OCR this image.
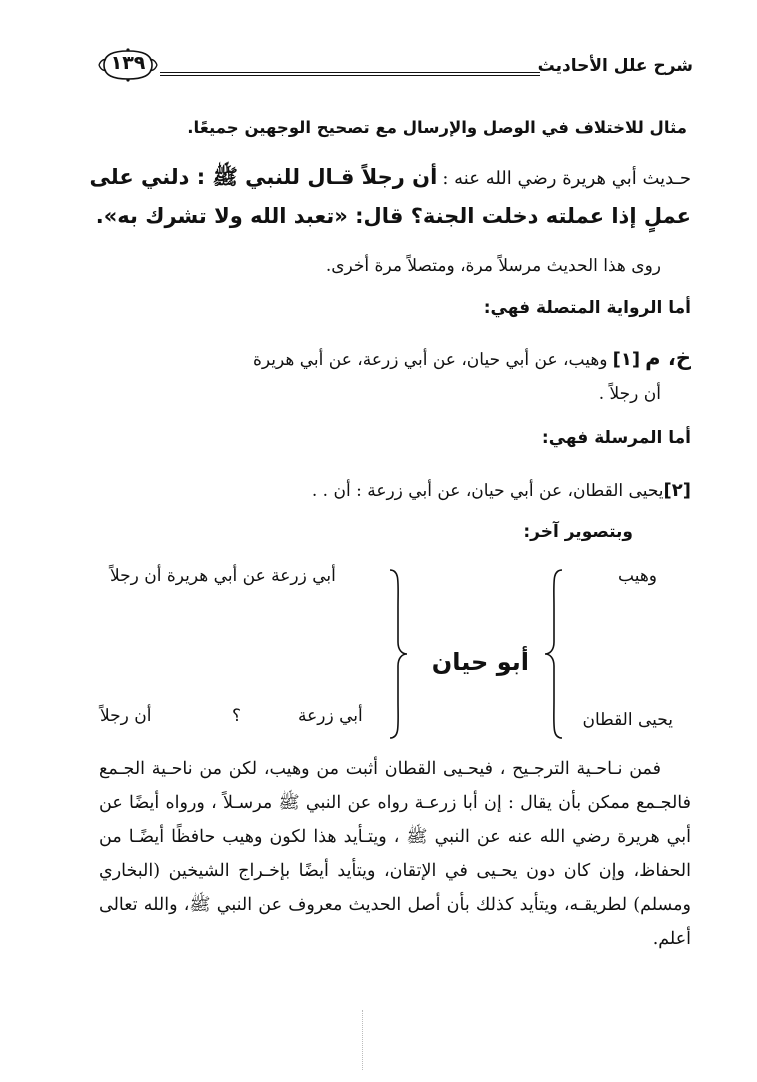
شرح علل الأحاديث
١٣٩
مثال للاختلاف في الوصل والإرسال مع تصحيح الوجهين جميعًا.
حـديث أبي هريرة رضي الله عنه : أن رجلاً قـال للنبي ﷺ : دلني على
عملٍ إذا عملته دخلت الجنة؟ قال: «تعبد الله ولا تشرك به».
روى هذا الحديث مرسلاً مرة، ومتصلاً مرة أخرى.
أما الرواية المتصلة فهي:
خ، م [١] وهيب، عن أبي حيان، عن أبي زرعة، عن أبي هريرة
أن رجلاً .
أما المرسلة فهي:
[٢]يحيى القطان، عن أبي حيان، عن أبي زرعة : أن . .
وبتصوير آخر:
وهيب
يحيى القطان
أبو حيان
أبي زرعة عن أبي هريرة أن رجلاً
أبي زرعة
؟
أن رجلاً
فمن نـاحـية الترجـيح ، فيحـيى القطان أثبت من وهيب، لكن من ناحـية الجـمع فالجـمع ممكن بأن يقال : إن أبا زرعـة رواه عن النبي ﷺ مرسـلاً ، ورواه أيضًا عن أبي هريرة رضي الله عنه عن النبي ﷺ ، ويتـأيد هذا لكون وهيب حافظًا أيضًـا من الحفاظ، وإن كان دون يحـيى في الإتقان، ويتأيد أيضًا بإخـراج الشيخين (البخاري ومسلم) لطريقـه، ويتأيد كذلك بأن أصل الحديث معروف عن النبي ﷺ، والله تعالى أعلم.
